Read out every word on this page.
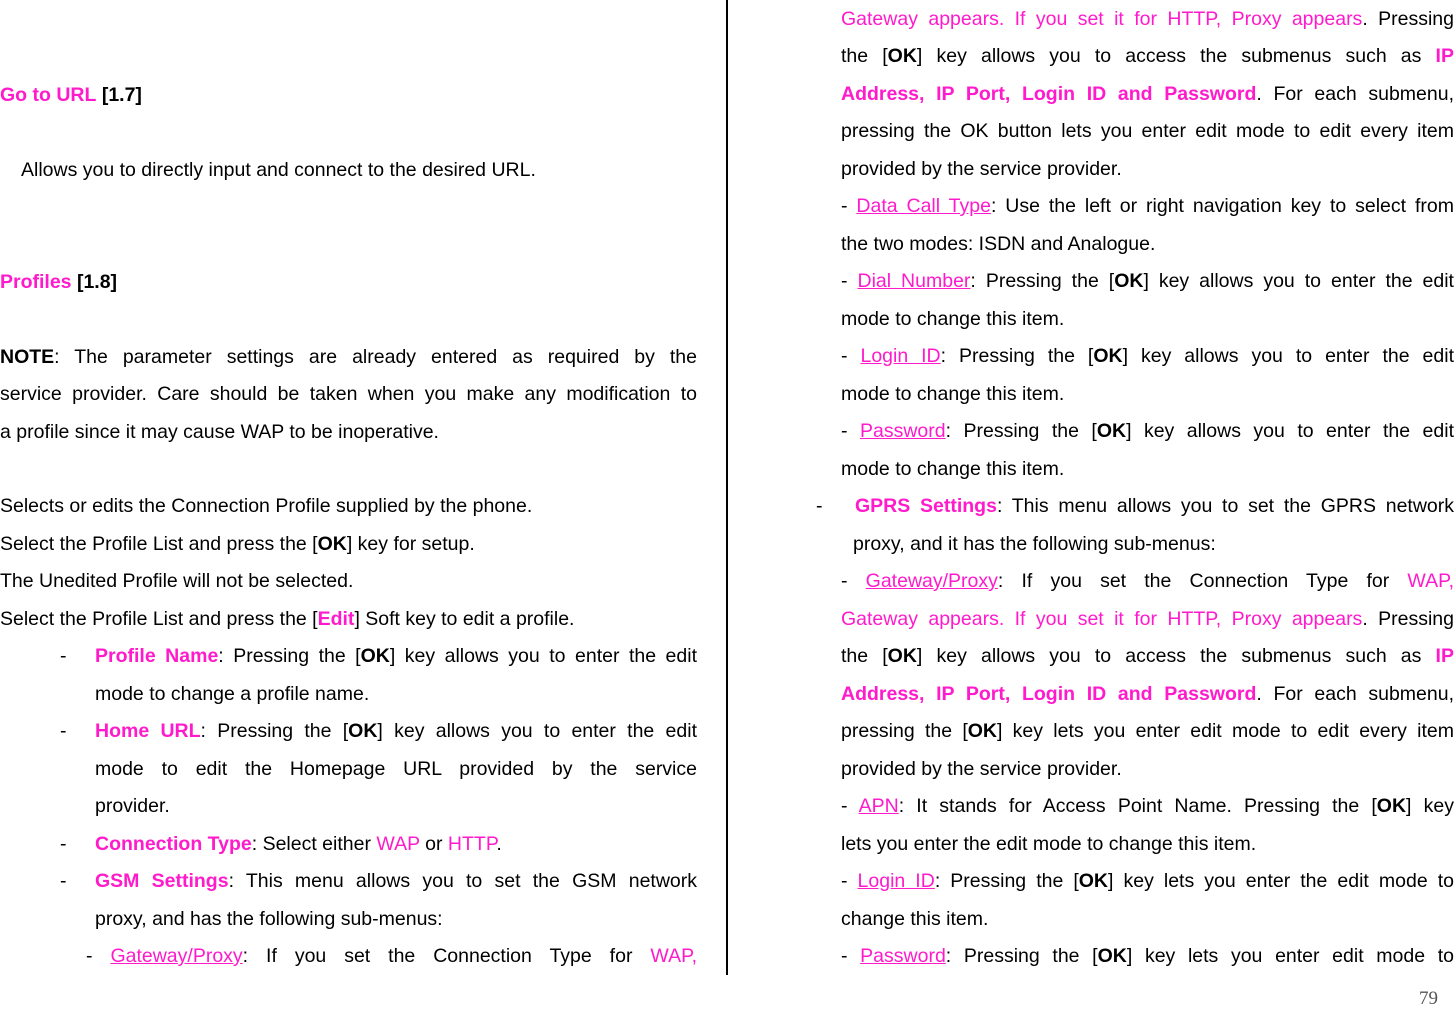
Go to URL [1.7]
Allows you to directly input and connect to the desired URL.
Profiles [1.8]
NOTE: The parameter settings are already entered as required by the
service provider. Care should be taken when you make any modification to
a profile since it may cause WAP to be inoperative.
Selects or edits the Connection Profile supplied by the phone.
Select the Profile List and press the [OK] key for setup.
The Unedited Profile will not be selected.
Select the Profile List and press the [Edit] Soft key to edit a profile.
-	Profile Name: Pressing the [OK] key allows you to enter the edit
mode to change a profile name.
-	Home URL: Pressing the [OK] key allows you to enter the edit
mode to edit the Homepage URL provided by the service
provider.
-	Connection Type: Select either WAP or HTTP.
-	GSM Settings: This menu allows you to set the GSM network
proxy, and has the following sub-menus:
- Gateway/Proxy: If you set the Connection Type for WAP,
Gateway appears. If you set it for HTTP, Proxy appears. Pressing
the [OK] key allows you to access the submenus such as IP
Address, IP Port, Login ID and Password. For each submenu,
pressing the OK button lets you enter edit mode to edit every item
provided by the service provider.
- Data Call Type: Use the left or right navigation key to select from
the two modes: ISDN and Analogue.
- Dial Number: Pressing the [OK] key allows you to enter the edit
mode to change this item.
- Login ID: Pressing the [OK] key allows you to enter the edit
mode to change this item.
- Password: Pressing the [OK] key allows you to enter the edit
mode to change this item.
-	GPRS Settings: This menu allows you to set the GPRS network
proxy, and it has the following sub-menus:
- Gateway/Proxy: If you set the Connection Type for WAP,
Gateway appears. If you set it for HTTP, Proxy appears. Pressing
the [OK] key allows you to access the submenus such as IP
Address, IP Port, Login ID and Password. For each submenu,
pressing the [OK] key lets you enter edit mode to edit every item
provided by the service provider.
- APN: It stands for Access Point Name. Pressing the [OK] key
lets you enter the edit mode to change this item.
- Login ID: Pressing the [OK] key lets you enter the edit mode to
change this item.
- Password: Pressing the [OK] key lets you enter edit mode to
79
